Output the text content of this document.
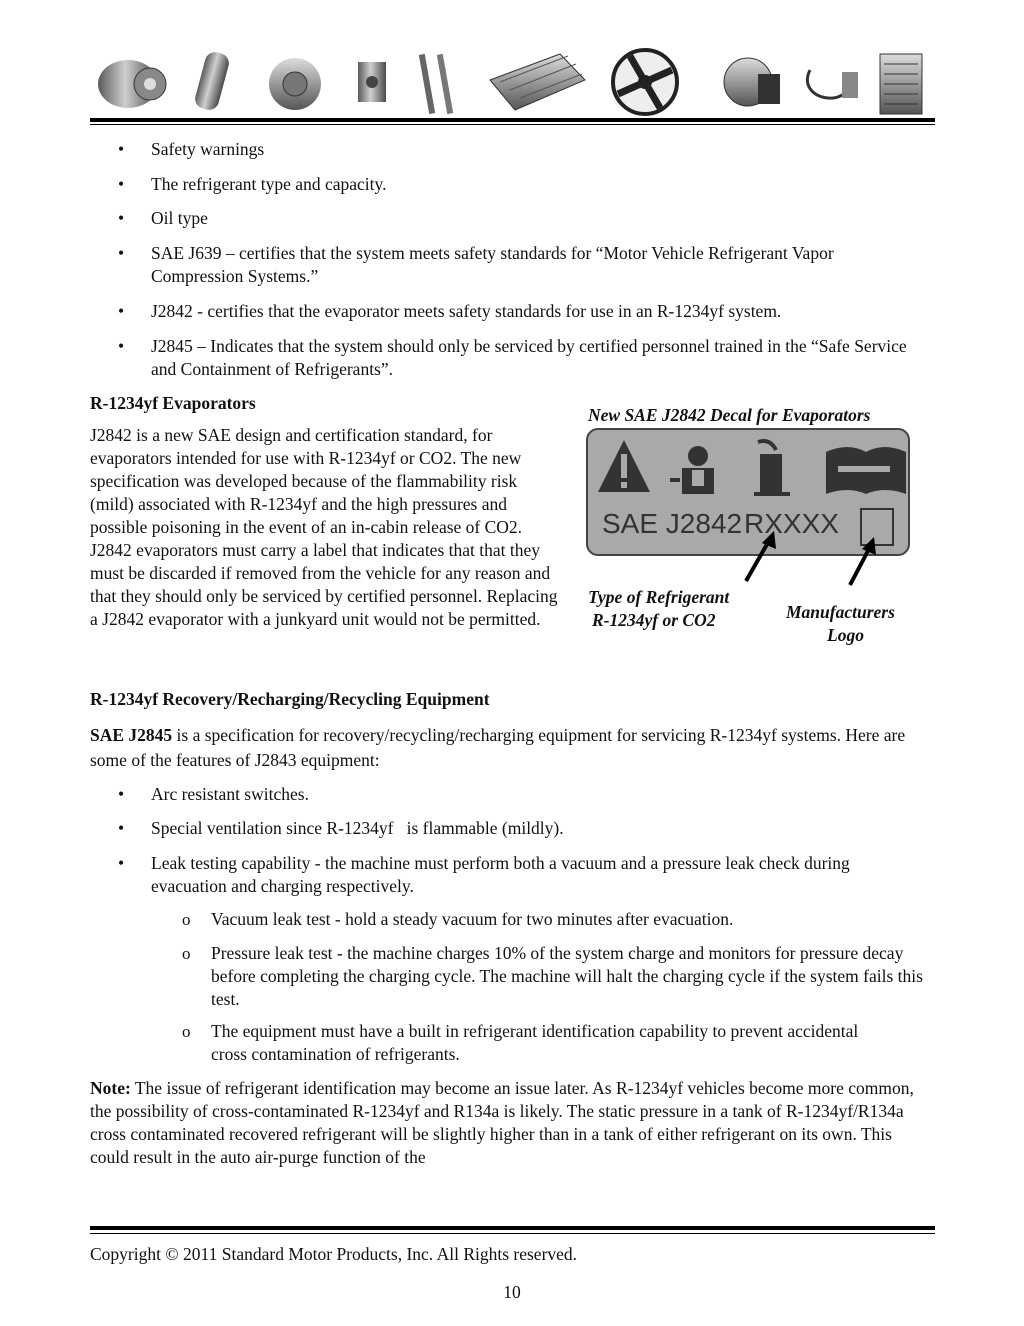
• Safety warnings
• The refrigerant type and capacity.
• Oil type
• SAE J639 – certifies that the system meets safety standards for “Motor Vehicle Refrigerant Vapor Compression Systems.”
• J2842 - certifies that the evaporator meets safety standards for use in an R-1234yf system.
• J2845 – Indicates that the system should only be serviced by certified personnel trained in the “Safe Service and Containment of Refrigerants”.
R-1234yf Evaporators
J2842 is a new SAE design and certification standard, for evaporators intended for use with R-1234yf or CO2. The new specification was developed because of the flammability risk (mild) associated with R-1234yf and the high pressures and possible poisoning in the event of an in-cabin release of CO2. J2842 evaporators must carry a label that indicates that that they must be discarded if removed from the vehicle for any reason and that they should only be serviced by certified personnel. Replacing a J2842 evaporator with a junkyard unit would not be permitted.
New SAE J2842 Decal for Evaporators
SAE J2842 RXXXX
Type of Refrigerant
R-1234yf or CO2	Manufacturers
Logo
R-1234yf Recovery/Recharging/Recycling Equipment
SAE J2845 is a specification for recovery/recycling/recharging equipment for servicing R-1234yf systems. Here are some of the features of J2843 equipment:
• Arc resistant switches.
• Special ventilation since R-1234yf   is flammable (mildly).
• Leak testing capability - the machine must perform both a vacuum and a pressure leak check during evacuation and charging respectively.
o Vacuum leak test - hold a steady vacuum for two minutes after evacuation.
o Pressure leak test - the machine charges 10% of the system charge and monitors for pressure decay before completing the charging cycle. The machine will halt the charging cycle if the system fails this test.
o The equipment must have a built in refrigerant identification capability to prevent accidental cross contamination of refrigerants.
Note: The issue of refrigerant identification may become an issue later. As R-1234yf vehicles become more common, the possibility of cross-contaminated R-1234yf and R134a is likely. The static pressure in a tank of R-1234yf/R134a cross contaminated recovered refrigerant will be slightly higher than in a tank of either refrigerant on its own. This could result in the auto air-purge function of the
Copyright © 2011 Standard Motor Products, Inc. All Rights reserved.
10
